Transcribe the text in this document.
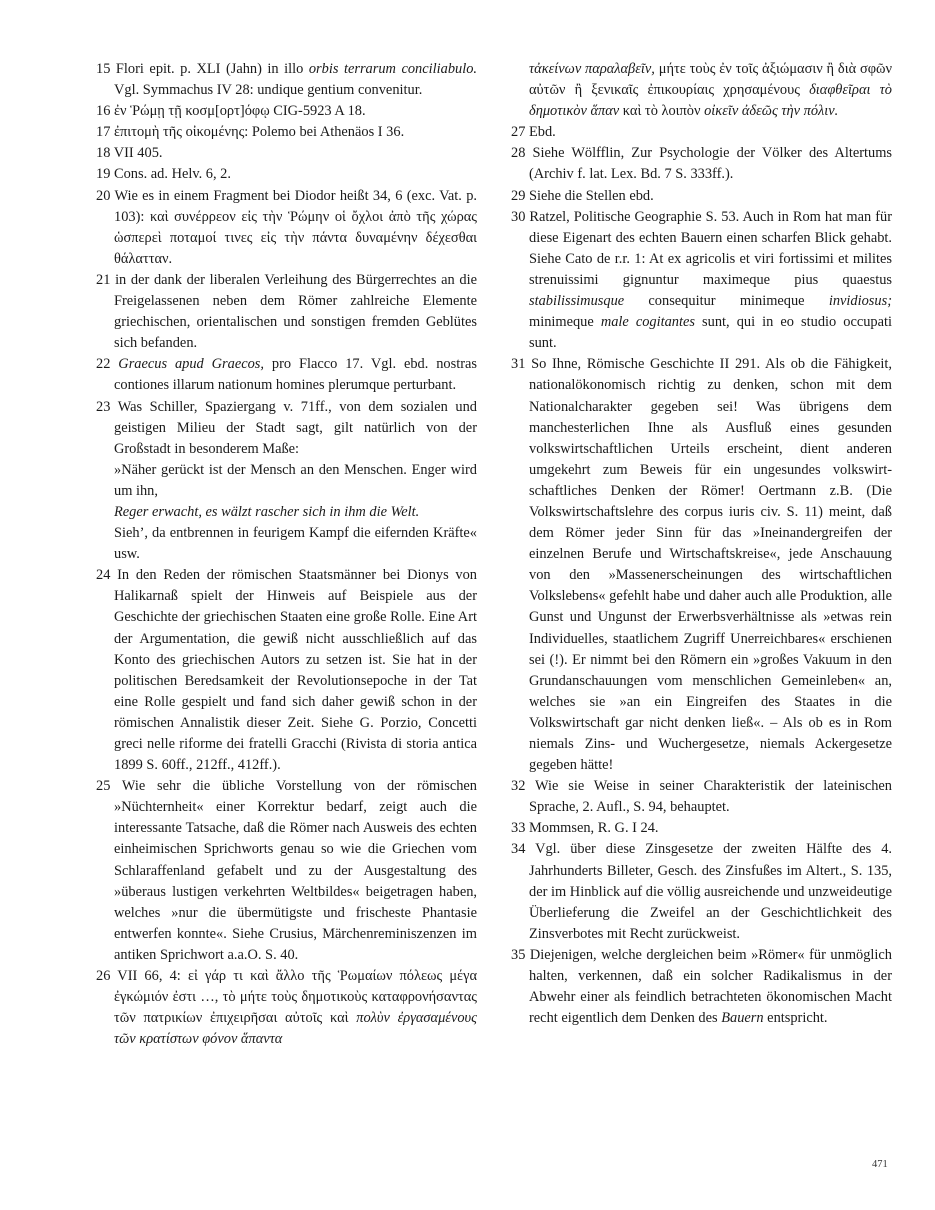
15 Flori epit. p. XLI (Jahn) in illo orbis terrarum conciliabulo. Vgl. Symmachus IV 28: undique gentium convenitur.

16 ἐν Ῥώμῃ τῇ κοσμ[ορτ]όφῳ CIG-5923 A 18.

17 ἐπιτομὴ τῆς οἰκομένης: Polemo bei Athenäos I 36.

18 VII 405.

19 Cons. ad. Helv. 6, 2.

20 Wie es in einem Fragment bei Diodor heißt 34, 6 (exc. Vat. p. 103): καὶ συνέρρεον εἰς τὴν Ῥώμην οἱ ὄχλοι ἀπὸ τῆς χώρας ὡσπερεὶ ποταμοί τινες εἰς τὴν πάντα δυναμένην δέχεσθαι θάλατταν.

21 in der dank der liberalen Verleihung des Bürgerrechtes an die Freigelassenen neben dem Römer zahlreiche Elemente griechischen, orientalischen und sonstigen fremden Geblütes sich befanden.

22 Graecus apud Graecos, pro Flacco 17. Vgl. ebd. nostras contiones illarum nationum homines plerumque perturbant.

23 Was Schiller, Spaziergang v. 71ff., von dem sozialen und geistigen Milieu der Stadt sagt, gilt natürlich von der Großstadt in besonderem Maße:
»Näher gerückt ist der Mensch an den Menschen. Enger wird um ihn,
Reger erwacht, es wälzt rascher sich in ihm die Welt.
Sieh’, da entbrennen in feurigem Kampf die eifernden Kräfte« usw.

24 In den Reden der römischen Staatsmänner bei Dionys von Halikarnaß spielt der Hinweis auf Beispiele aus der Geschichte der griechischen Staaten eine große Rolle. Eine Art der Argumentation, die gewiß nicht ausschließlich auf das Konto des griechischen Autors zu setzen ist. Sie hat in der politischen Beredsamkeit der Revolutionsepoche in der Tat eine Rolle gespielt und fand sich daher gewiß schon in der römischen Annalistik dieser Zeit. Siehe G. Porzio, Concetti greci nelle riforme dei fratelli Gracchi (Rivista di storia antica 1899 S. 60ff., 212ff., 412ff.).

25 Wie sehr die übliche Vorstellung von der römischen »Nüchternheit« einer Korrektur bedarf, zeigt auch die interessante Tatsache, daß die Römer nach Ausweis des echten einheimischen Sprichworts genau so wie die Griechen vom Schlaraffenland gefabelt und zu der Ausgestaltung des »überaus lustigen verkehrten Weltbildes« beigetragen haben, welches »nur die übermütigste und frischeste Phantasie entwerfen konnte«. Siehe Crusius, Märchenreminiszenzen im antiken Sprichwort a.a.O. S. 40.

26 VII 66, 4: εἰ γάρ τι καὶ ἄλλο τῆς Ῥωμαίων πόλεως μέγα ἐγκώμιόν ἐστι …, τὸ μήτε τοὺς δημοτικοὺς καταφρονήσαντας τῶν πατρικίων ἐπιχειρῆσαι αὐτοῖς καὶ πολὺν ἐργασαμένους τῶν κρατίστων φόνον ἅπαντα

τἀκείνων παραλαβεῖν, μήτε τοὺς ἐν τοῖς ἀξιώμασιν ἢ διὰ σφῶν αὐτῶν ἢ ξενικαῖς ἐπικουρίαις χρησαμένους διαφθεῖραι τὸ δημοτικὸν ἅπαν καὶ τὸ λοιπὸν οἰκεῖν ἀδεῶς τὴν πόλιν.

27 Ebd.

28 Siehe Wölfflin, Zur Psychologie der Völker des Altertums (Archiv f. lat. Lex. Bd. 7 S. 333ff.).

29 Siehe die Stellen ebd.

30 Ratzel, Politische Geographie S. 53. Auch in Rom hat man für diese Eigenart des echten Bauern einen scharfen Blick gehabt. Siehe Cato de r.r. 1: At ex agricolis et viri fortissimi et milites strenuissimi gignuntur maximeque pius quaestus stabilissimusque consequitur minimeque invidiosus; minimeque male cogitantes sunt, qui in eo studio occupati sunt.

31 So Ihne, Römische Geschichte II 291. Als ob die Fähigkeit, nationalökonomisch richtig zu denken, schon mit dem Nationalcharakter gegeben sei! Was übrigens dem manchesterlichen Ihne als Ausfluß eines gesunden volkswirtschaftlichen Urteils erscheint, dient anderen umgekehrt zum Beweis für ein ungesundes volkswirtschaftliches Denken der Römer! Oertmann z.B. (Die Volkswirtschaftslehre des corpus iuris civ. S. 11) meint, daß dem Römer jeder Sinn für das »Ineinandergreifen der einzelnen Berufe und Wirtschaftskreise«, jede Anschauung von den »Massenerscheinungen des wirtschaftlichen Volkslebens« gefehlt habe und daher auch alle Produktion, alle Gunst und Ungunst der Erwerbsverhältnisse als »etwas rein Individuelles, staatlichem Zugriff Unerreichbares« erschienen sei (!). Er nimmt bei den Römern ein »großes Vakuum in den Grundanschauungen vom menschlichen Gemeinleben« an, welches sie »an ein Eingreifen des Staates in die Volkswirtschaft gar nicht denken ließ«. – Als ob es in Rom niemals Zins- und Wuchergesetze, niemals Ackergesetze gegeben hätte!

32 Wie sie Weise in seiner Charakteristik der lateinischen Sprache, 2. Aufl., S. 94, behauptet.

33 Mommsen, R. G. I 24.

34 Vgl. über diese Zinsgesetze der zweiten Hälfte des 4. Jahrhunderts Billeter, Gesch. des Zinsfußes im Altert., S. 135, der im Hinblick auf die völlig ausreichende und unzweideutige Überlieferung die Zweifel an der Geschichtlichkeit des Zinsverbotes mit Recht zurückweist.

35 Diejenigen, welche dergleichen beim »Römer« für unmöglich halten, verkennen, daß ein solcher Radikalismus in der Abwehr einer als feindlich betrachteten ökonomischen Macht recht eigentlich dem Denken des Bauern entspricht.

471
